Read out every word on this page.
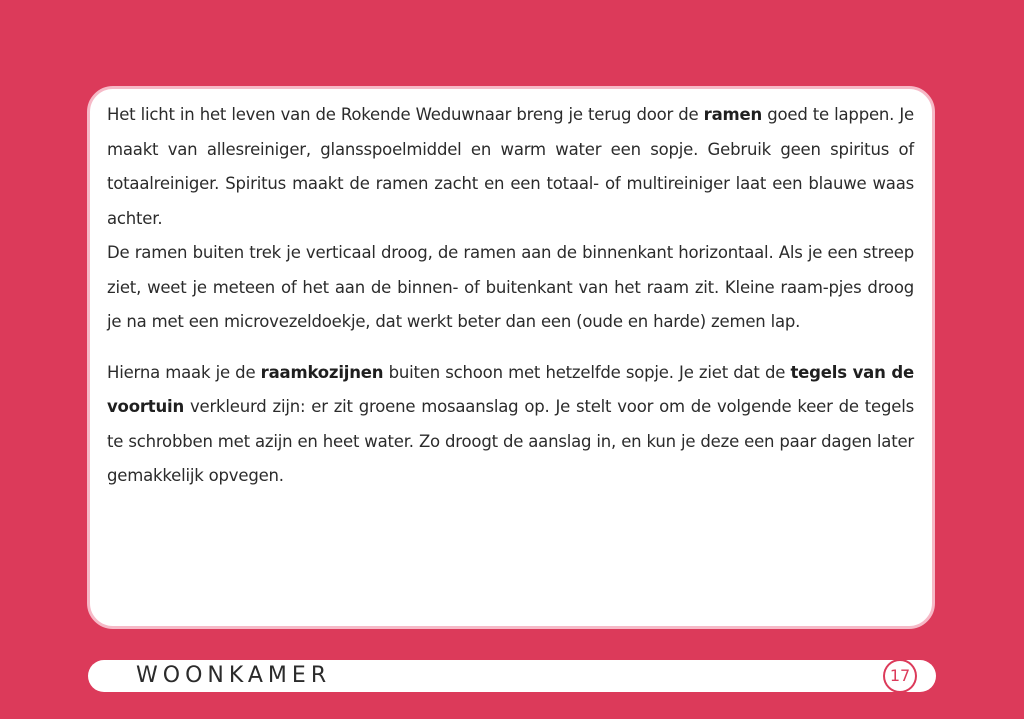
Het licht in het leven van de Rokende Weduwnaar breng je terug door de ramen goed te lappen. Je maakt van allesreiniger, glansspoelmiddel en warm water een sopje. Gebruik geen spiritus of totaalreiniger. Spiritus maakt de ramen zacht en een totaal- of multireiniger laat een blauwe waas achter.

De ramen buiten trek je verticaal droog, de ramen aan de binnenkant horizontaal. Als je een streep ziet, weet je meteen of het aan de binnen- of buitenkant van het raam zit. Kleine raam-pjes droog je na met een microvezeldoekje, dat werkt beter dan een (oude en harde) zemen lap.

Hierna maak je de raamkozijnen buiten schoon met hetzelfde sopje. Je ziet dat de tegels van de voortuin verkleurd zijn: er zit groene mosaanslag op. Je stelt voor om de volgende keer de tegels te schrobben met azijn en heet water. Zo droogt de aanslag in, en kun je deze een paar dagen later gemakkelijk opvegen.

WOONKAMER	17
